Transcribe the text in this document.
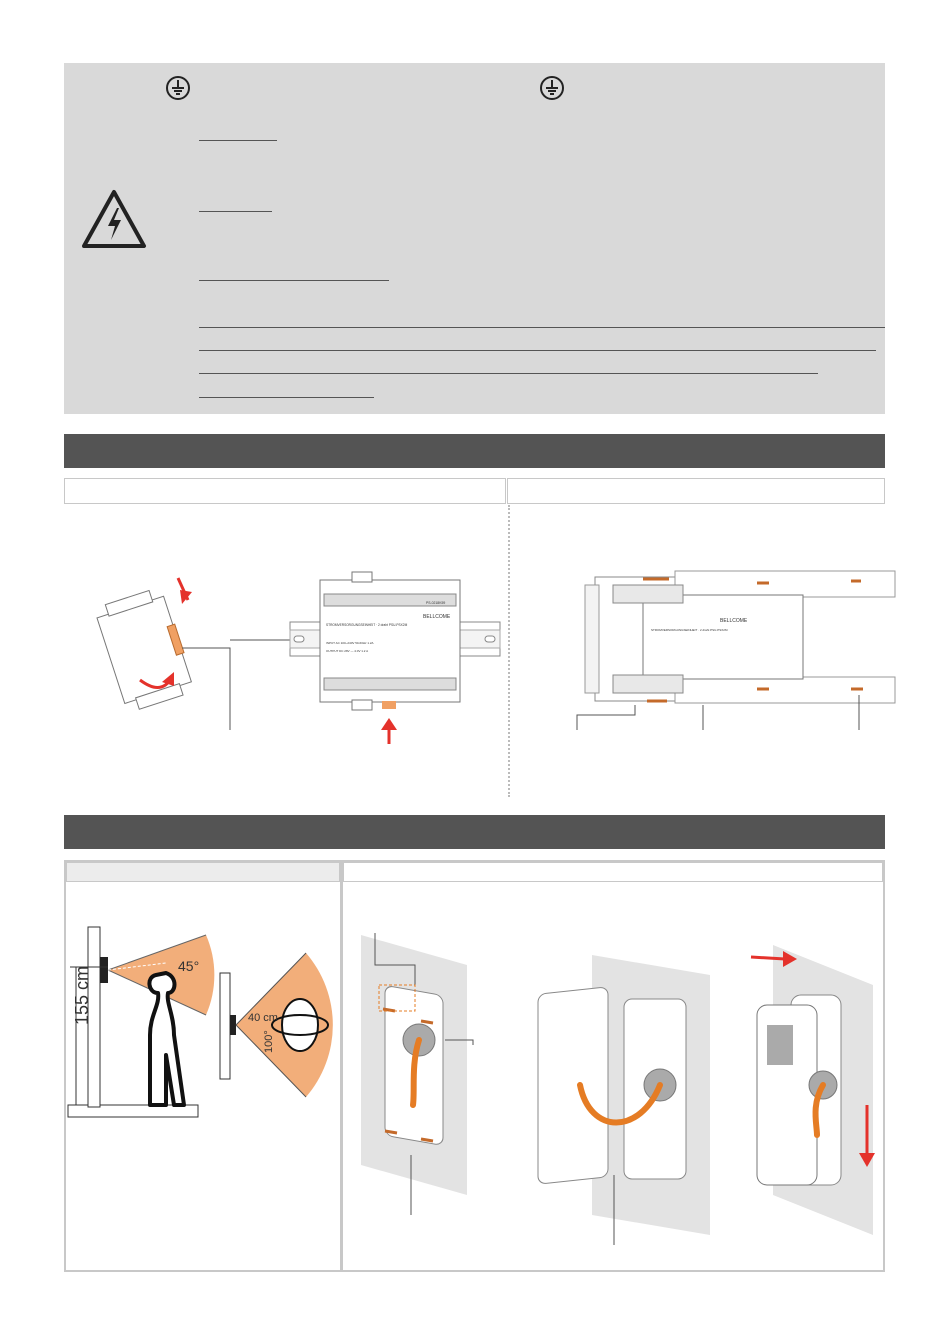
BELLCOME
STROMVERSORGUNGSEINHEIT · 2 draht PSU-PSX2M
INPUT AC 100~240V 50-60Hz 1.2A
OUTPUT DC 28V --- 4.0V 1.2 A
PS-0218K59
BELLCOME
STROMVERSORGUNGSEINHEIT · 2 draht PSU-PSX2M
155 cm	45°
40 cm
100°
